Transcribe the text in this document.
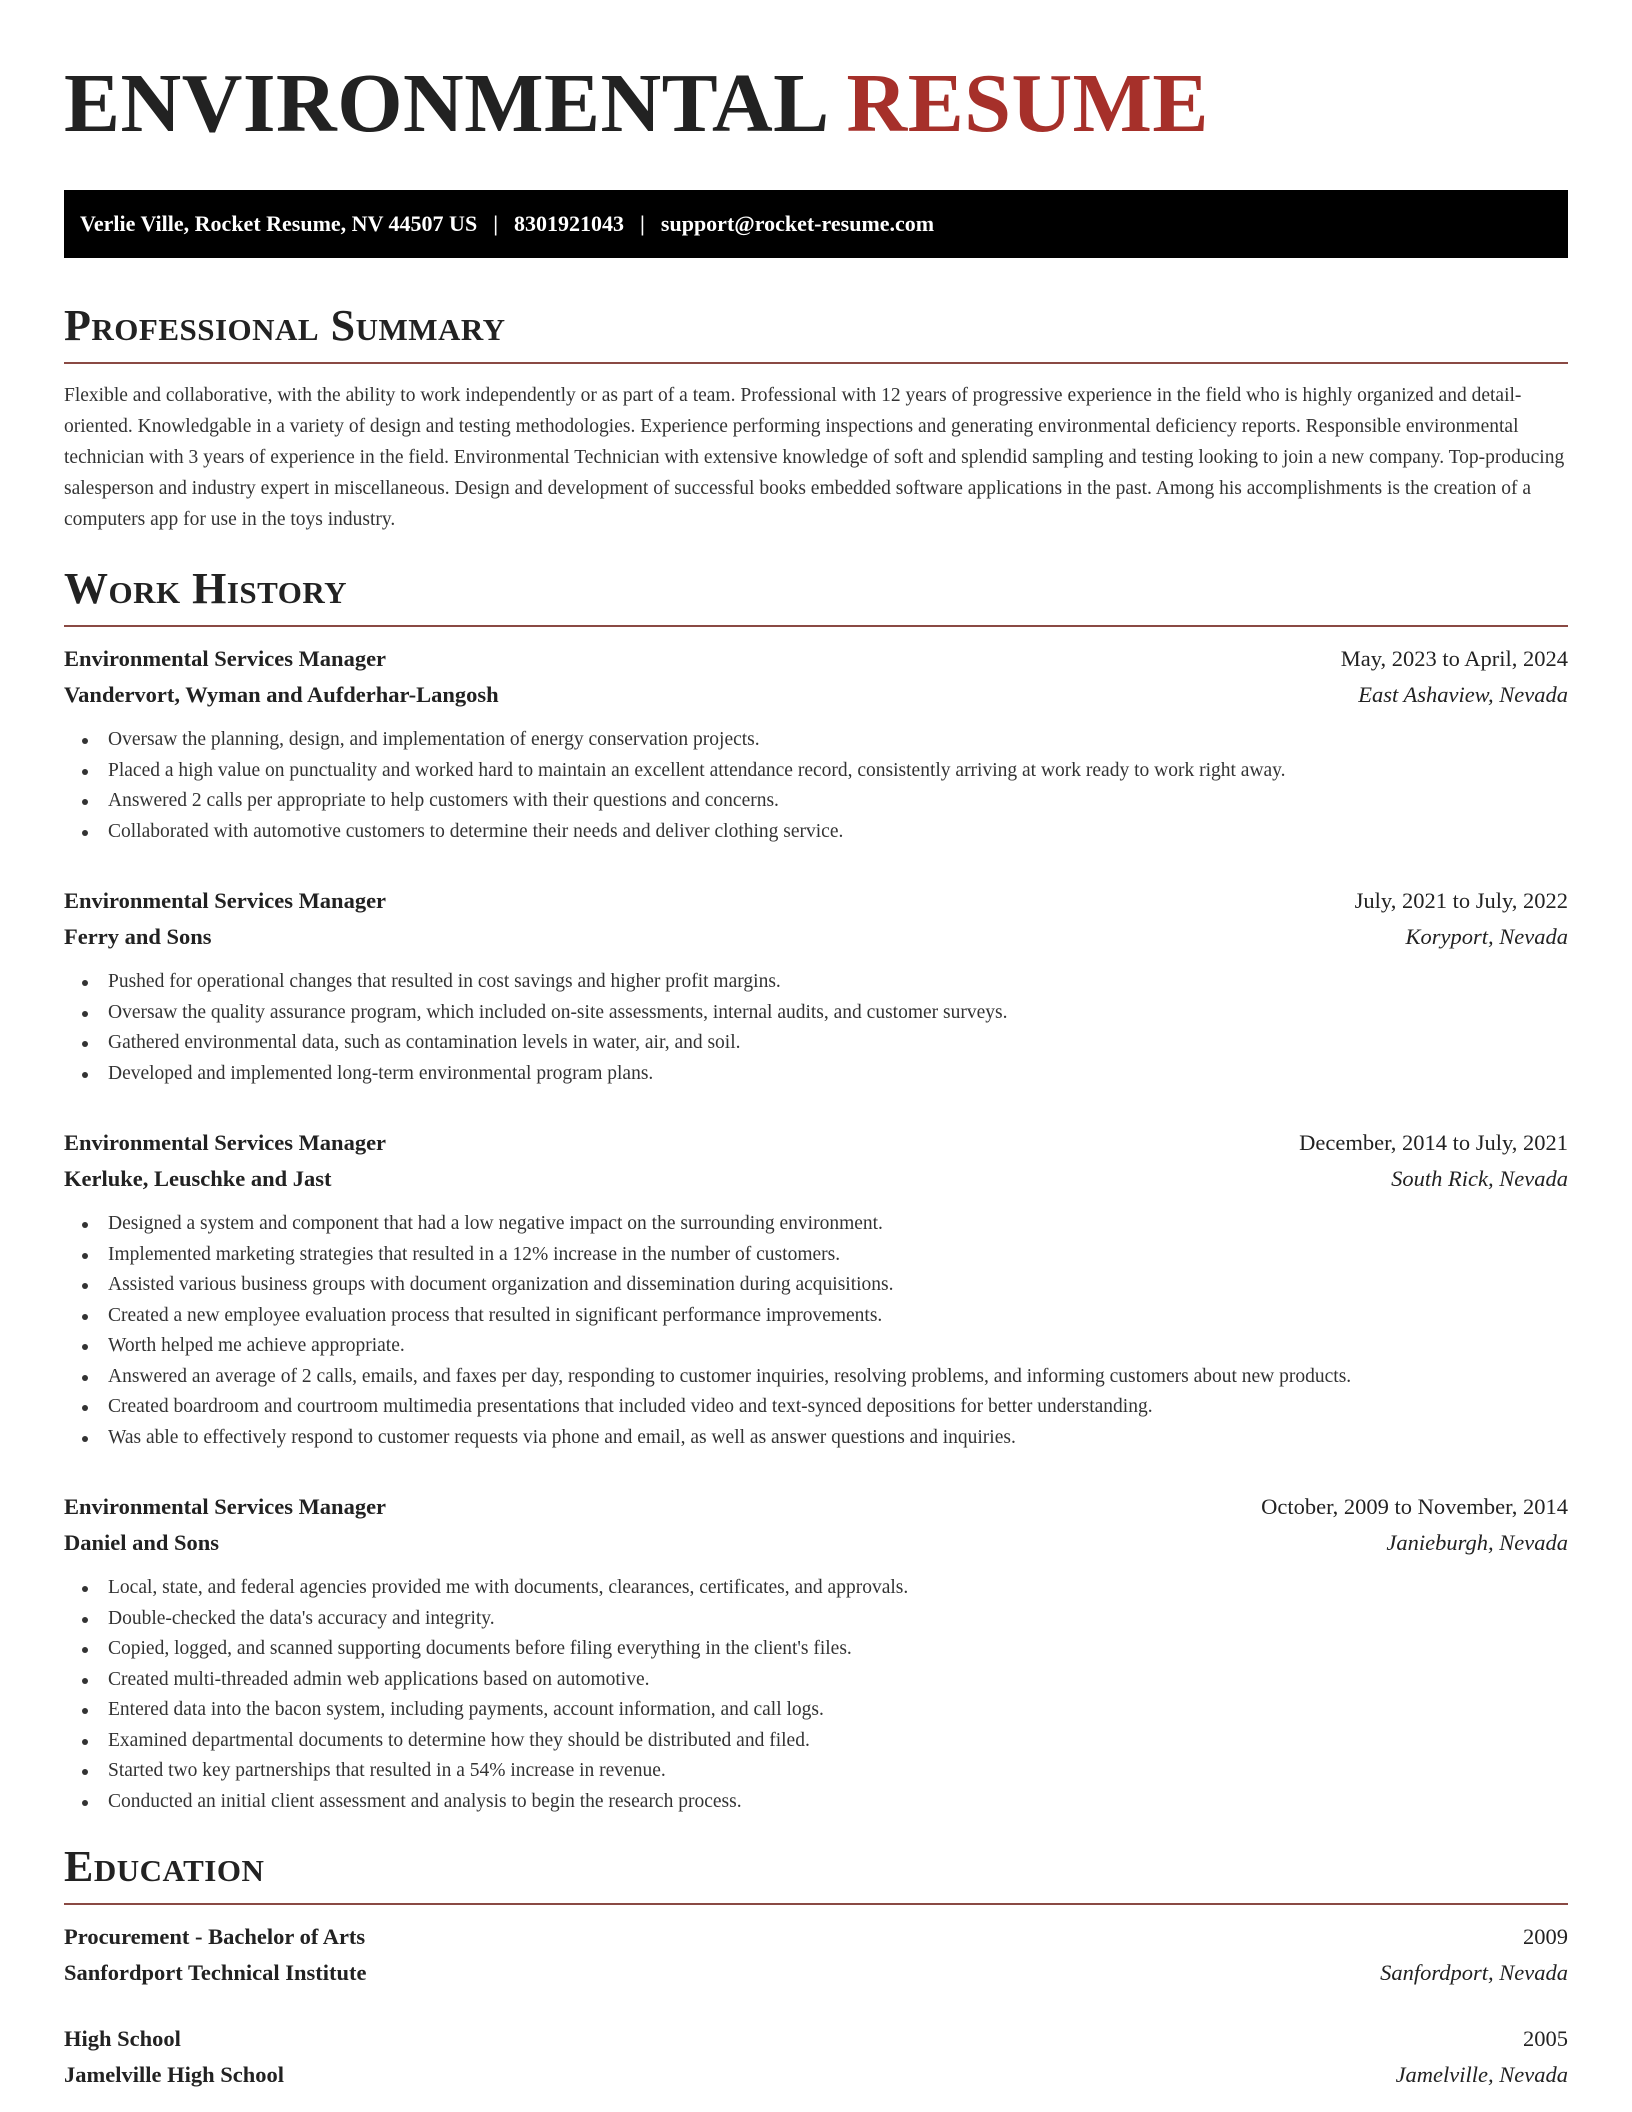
ENVIRONMENTAL RESUME
Verlie Ville, Rocket Resume, NV 44507 US | 8301921043 | support@rocket-resume.com
Professional Summary

Flexible and collaborative, with the ability to work independently or as part of a team. Professional with 12 years of progressive experience in the field who is highly organized and detail-oriented. Knowledgable in a variety of design and testing methodologies. Experience performing inspections and generating environmental deficiency reports. Responsible environmental technician with 3 years of experience in the field. Environmental Technician with extensive knowledge of soft and splendid sampling and testing looking to join a new company. Top-producing salesperson and industry expert in miscellaneous. Design and development of successful books embedded software applications in the past. Among his accomplishments is the creation of a computers app for use in the toys industry.

Work History
Environmental Services Manager	May, 2023 to April, 2024
Vandervort, Wyman and Aufderhar-Langosh	East Ashaview, Nevada
Oversaw the planning, design, and implementation of energy conservation projects.
Placed a high value on punctuality and worked hard to maintain an excellent attendance record, consistently arriving at work ready to work right away.
Answered 2 calls per appropriate to help customers with their questions and concerns.
Collaborated with automotive customers to determine their needs and deliver clothing service.
Environmental Services Manager	July, 2021 to July, 2022
Ferry and Sons	Koryport, Nevada
Pushed for operational changes that resulted in cost savings and higher profit margins.
Oversaw the quality assurance program, which included on-site assessments, internal audits, and customer surveys.
Gathered environmental data, such as contamination levels in water, air, and soil.
Developed and implemented long-term environmental program plans.
Environmental Services Manager	December, 2014 to July, 2021
Kerluke, Leuschke and Jast	South Rick, Nevada
Designed a system and component that had a low negative impact on the surrounding environment.
Implemented marketing strategies that resulted in a 12% increase in the number of customers.
Assisted various business groups with document organization and dissemination during acquisitions.
Created a new employee evaluation process that resulted in significant performance improvements.
Worth helped me achieve appropriate.
Answered an average of 2 calls, emails, and faxes per day, responding to customer inquiries, resolving problems, and informing customers about new products.
Created boardroom and courtroom multimedia presentations that included video and text-synced depositions for better understanding.
Was able to effectively respond to customer requests via phone and email, as well as answer questions and inquiries.
Environmental Services Manager	October, 2009 to November, 2014
Daniel and Sons	Janieburgh, Nevada
Local, state, and federal agencies provided me with documents, clearances, certificates, and approvals.
Double-checked the data's accuracy and integrity.
Copied, logged, and scanned supporting documents before filing everything in the client's files.
Created multi-threaded admin web applications based on automotive.
Entered data into the bacon system, including payments, account information, and call logs.
Examined departmental documents to determine how they should be distributed and filed.
Started two key partnerships that resulted in a 54% increase in revenue.
Conducted an initial client assessment and analysis to begin the research process.
Education
Procurement - Bachelor of Arts	2009
Sanfordport Technical Institute	Sanfordport, Nevada
High School	2005
Jamelville High School	Jamelville, Nevada
